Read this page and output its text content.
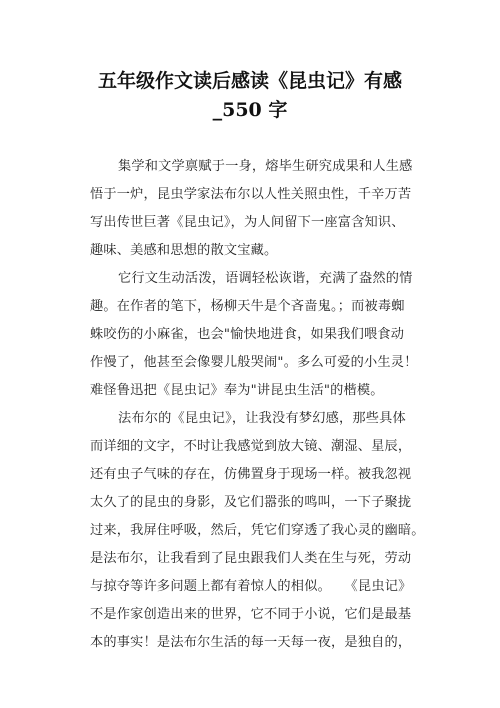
五年级作文读后感读《昆虫记》有感
_550 字
集学和文学禀赋于一身，熔毕生研究成果和人生感
悟于一炉，昆虫学家法布尔以人性关照虫性，千辛万苦
写出传世巨著《昆虫记》，为人间留下一座富含知识、
趣味、美感和思想的散文宝藏。
它行文生动活泼，语调轻松诙谐，充满了盎然的情
趣。在作者的笔下，杨柳天牛是个吝啬鬼。；而被毒蜘
蛛咬伤的小麻雀，也会"愉快地进食，如果我们喂食动
作慢了，他甚至会像婴儿般哭闹"。多么可爱的小生灵！
难怪鲁迅把《昆虫记》奉为"讲昆虫生活"的楷模。
法布尔的《昆虫记》，让我没有梦幻感，那些具体
而详细的文字，不时让我感觉到放大镜、潮湿、星辰，
还有虫子气味的存在，仿佛置身于现场一样。被我忽视
太久了的昆虫的身影，及它们嚣张的鸣叫，一下子聚拢
过来，我屏住呼吸，然后，凭它们穿透了我心灵的幽暗。
是法布尔，让我看到了昆虫跟我们人类在生与死，劳动
与掠夺等许多问题上都有着惊人的相似。　　《昆虫记》
不是作家创造出来的世界，它不同于小说，它们是最基
本的事实！是法布尔生活的每一天每一夜，是独自的，
